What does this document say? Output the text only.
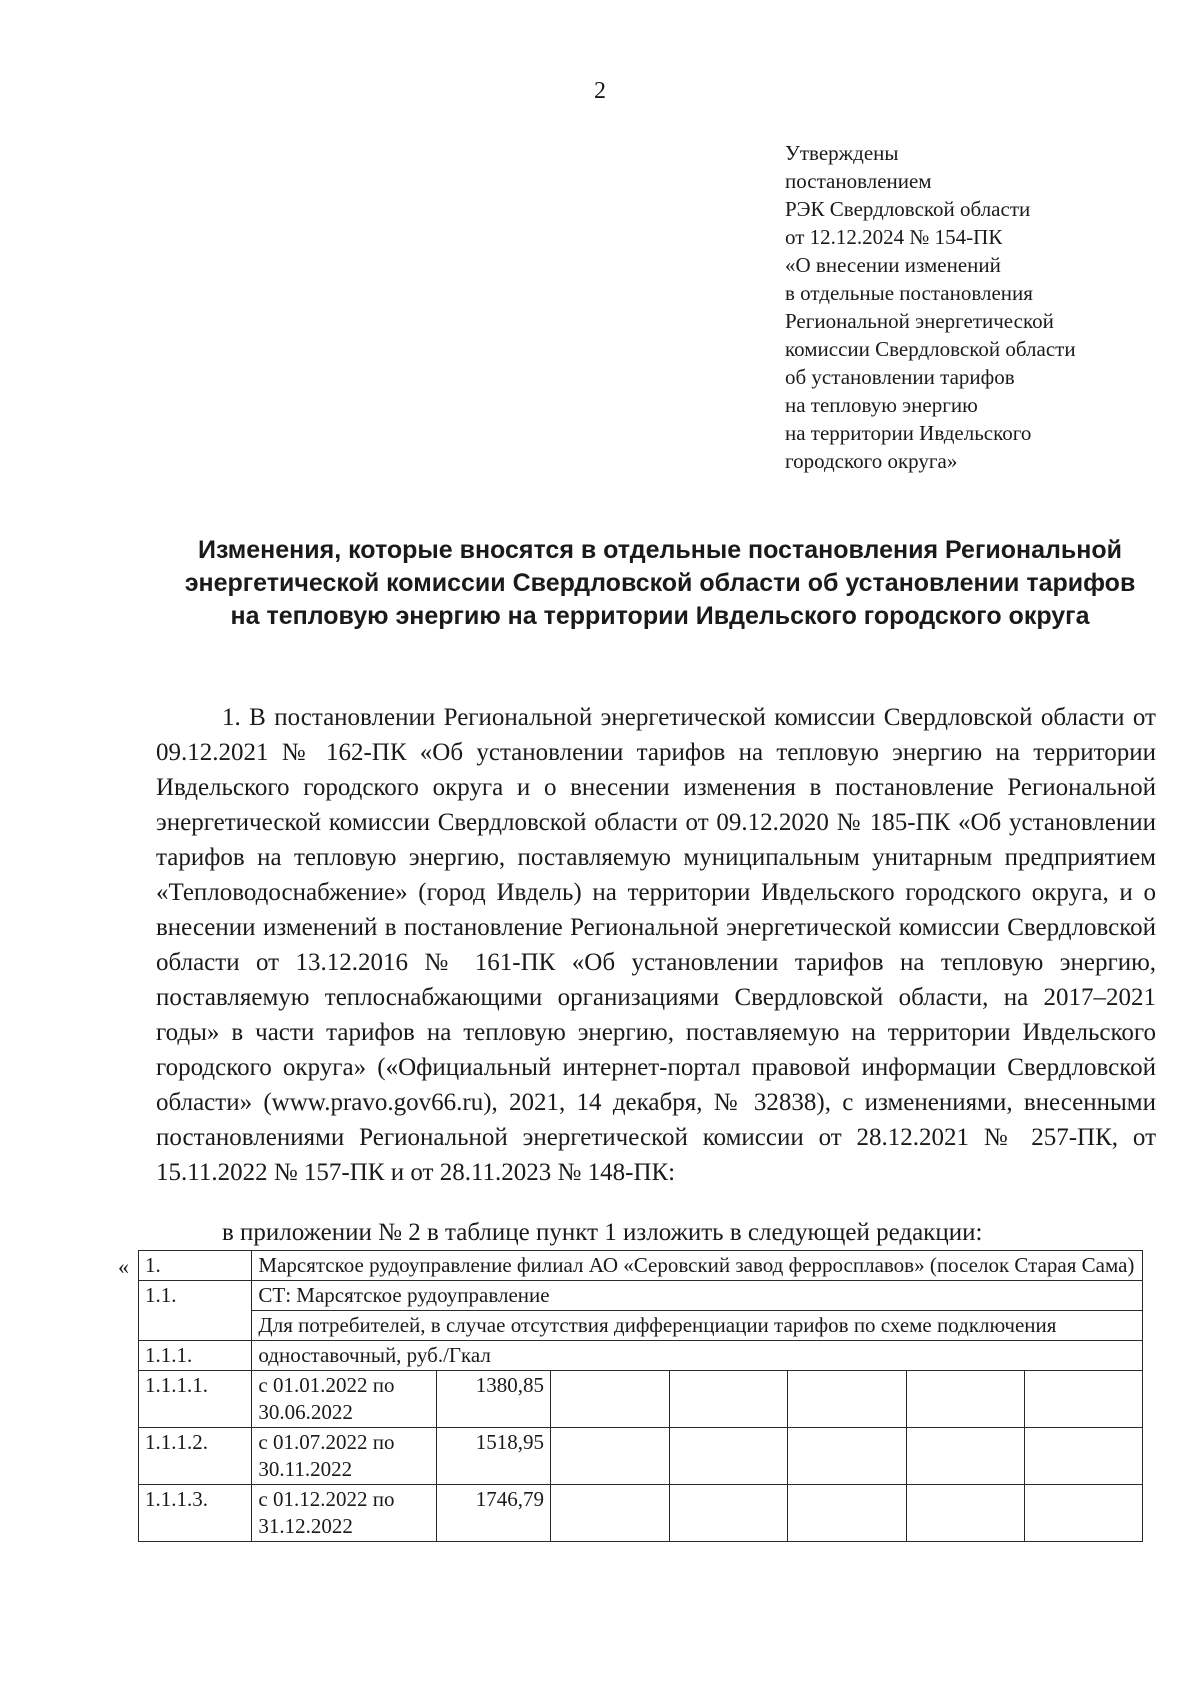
2
Утверждены
постановлением
РЭК Свердловской области
от 12.12.2024 № 154-ПК
«О внесении изменений
в отдельные постановления
Региональной энергетической
комиссии Свердловской области
об установлении тарифов
на тепловую энергию
на территории Ивдельского
городского округа»
Изменения, которые вносятся в отдельные постановления Региональной
энергетической комиссии Свердловской области об установлении тарифов
на тепловую энергию на территории Ивдельского городского округа

1. В постановлении Региональной энергетической комиссии Свердловской области от 09.12.2021 № 162-ПК «Об установлении тарифов на тепловую энергию на территории Ивдельского городского округа и о внесении изменения в постановление Региональной энергетической комиссии Свердловской области от 09.12.2020 № 185-ПК «Об установлении тарифов на тепловую энергию, поставляемую муниципальным унитарным предприятием «Тепловодоснабжение» (город Ивдель) на территории Ивдельского городского округа, и о внесении изменений в постановление Региональной энергетической комиссии Свердловской области от 13.12.2016 № 161-ПК «Об установлении тарифов на тепловую энергию, поставляемую теплоснабжающими организациями Свердловской области, на 2017–2021 годы» в части тарифов на тепловую энергию, поставляемую на территории Ивдельского городского округа» («Официальный интернет-портал правовой информации Свердловской области» (www.pravo.gov66.ru), 2021, 14 декабря, № 32838), с изменениями, внесенными постановлениями Региональной энергетической комиссии от 28.12.2021 № 257-ПК, от 15.11.2022 № 157-ПК и от 28.11.2023 № 148-ПК:

в приложении № 2 в таблице пункт 1 изложить в следующей редакции:
« 1.	Марсятское рудоуправление филиал АО «Серовский завод ферросплавов» (поселок Старая Сама)						
1.1.	СТ: Марсятское рудоуправление						
	Для потребителей, в случае отсутствия дифференциации тарифов по схеме подключения						
1.1.1.	одноставочный, руб./Гкал						
1.1.1.1.	с 01.01.2022 по 30.06.2022	1380,85					
1.1.1.2.	с 01.07.2022 по 30.11.2022	1518,95					
1.1.1.3.	с 01.12.2022 по 31.12.2022	1746,79					
